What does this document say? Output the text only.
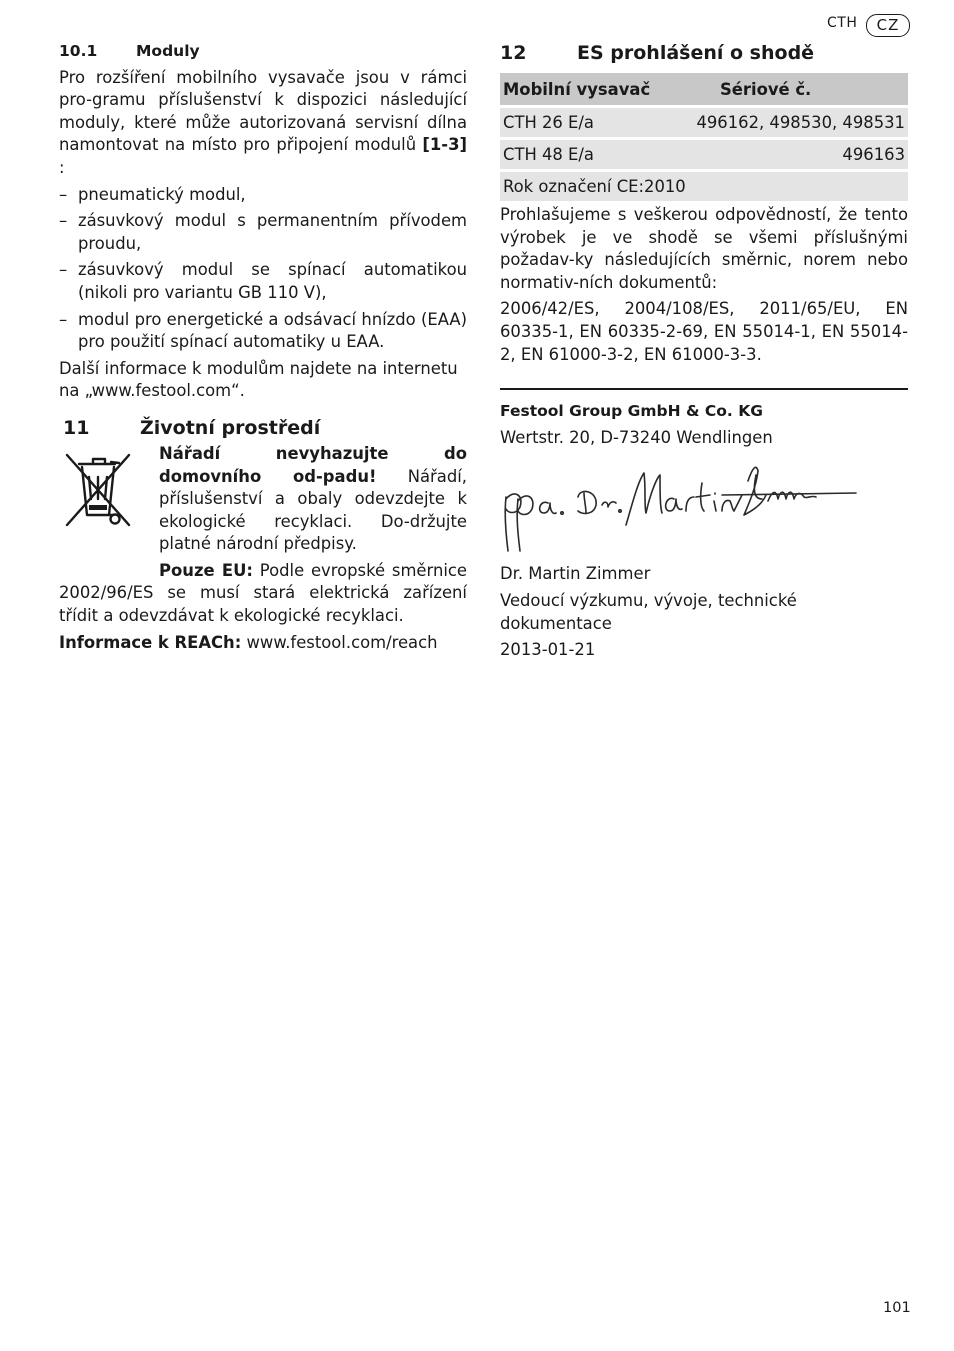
CTH	CZ
10.1	Moduly

Pro rozšíření mobilního vysavače jsou v rámci pro-gramu příslušenství k dispozici následující moduly, které může autorizovaná servisní dílna namontovat na místo pro připojení modulů [1-3] :

– pneumatický modul,
– zásuvkový modul s permanentním přívodem proudu,
– zásuvkový modul se spínací automatikou (nikoli pro variantu GB 110 V),
– modul pro energetické a odsávací hnízdo (EAA) pro použití spínací automatiky u EAA.

Další informace k modulům najdete na internetu na „www.festool.com“.

11	Životní prostředí

Nářadí nevyhazujte do domovního od-padu! Nářadí, příslušenství a obaly odevzdejte k ekologické recyklaci. Do-držujte platné národní předpisy.

Pouze EU: Podle evropské směrnice 2002/96/ES se musí stará elektrická zařízení třídit a odevzdávat k ekologické recyklaci.

Informace k REACh: www.festool.com/reach

12	ES prohlášení o shodě
Mobilní vysavač	Sériové č.
CTH 26 E/a	496162, 498530, 498531
CTH 48 E/a	496163
Rok označení CE:2010	

Prohlašujeme s veškerou odpovědností, že tento výrobek je ve shodě se všemi příslušnými požadav-ky následujících směrnic, norem nebo normativ-ních dokumentů:

2006/42/ES, 2004/108/ES, 2011/65/EU, EN 60335-1, EN 60335-2-69, EN 55014-1, EN 55014-2, EN 61000-3-2, EN 61000-3-3.

Festool Group GmbH & Co. KG

Wertstr. 20, D-73240 Wendlingen

Dr. Martin Zimmer

Vedoucí výzkumu, vývoje, technické dokumentace

2013-01-21

101
